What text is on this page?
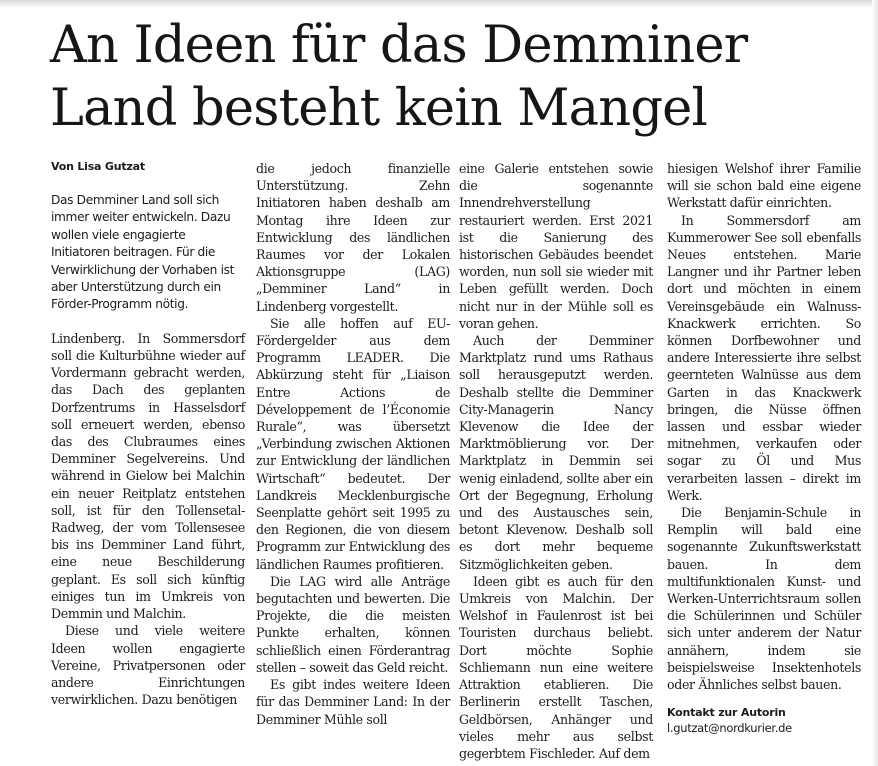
An Ideen für das Demminer
Land besteht kein Mangel

Von Lisa Gutzat

Das Demminer Land soll sich immer weiter entwickeln. Dazu wollen viele engagierte Initiatoren beitragen. Für die Verwirklichung der Vorhaben ist aber Unterstützung durch ein Förder-Programm nötig.

Lindenberg. In Sommersdorf soll die Kulturbühne wieder auf Vordermann gebracht werden, das Dach des geplanten Dorfzentrums in Hasselsdorf soll erneuert werden, ebenso das des Clubraumes eines Demminer Segelvereins. Und während in Gielow bei Malchin ein neuer Reitplatz entstehen soll, ist für den Tollensetal-Radweg, der vom Tollensesee bis ins Demminer Land führt, eine neue Beschilderung geplant. Es soll sich künftig einiges tun im Umkreis von Demmin und Malchin.

Diese und viele weitere Ideen wollen engagierte Vereine, Privatpersonen oder andere Einrichtungen verwirklichen. Dazu benötigen

die jedoch finanzielle Unterstützung. Zehn Initiatoren haben deshalb am Montag ihre Ideen zur Entwicklung des ländlichen Raumes vor der Lokalen Aktionsgruppe (LAG) „Demminer Land“ in Lindenberg vorgestellt.

Sie alle hoffen auf EU-Fördergelder aus dem Programm LEADER. Die Abkürzung steht für „Liaison Entre Actions de Développement de l’Économie Rurale“, was übersetzt „Verbindung zwischen Aktionen zur Entwicklung der ländlichen Wirtschaft“ bedeutet. Der Landkreis Mecklenburgische Seenplatte gehört seit 1995 zu den Regionen, die von diesem Programm zur Entwicklung des ländlichen Raumes profitieren.

Die LAG wird alle Anträge begutachten und bewerten. Die Projekte, die die meisten Punkte erhalten, können schließlich einen Förderantrag stellen – soweit das Geld reicht.

Es gibt indes weitere Ideen für das Demminer Land: In der Demminer Mühle soll

eine Galerie entstehen sowie die sogenannte Innendrehverstellung restauriert werden. Erst 2021 ist die Sanierung des historischen Gebäudes beendet worden, nun soll sie wieder mit Leben gefüllt werden. Doch nicht nur in der Mühle soll es voran gehen.

Auch der Demminer Marktplatz rund ums Rathaus soll herausgeputzt werden. Deshalb stellte die Demminer City-Managerin Nancy Klevenow die Idee der Marktmöblierung vor. Der Marktplatz in Demmin sei wenig einladend, sollte aber ein Ort der Begegnung, Erholung und des Austausches sein, betont Klevenow. Deshalb soll es dort mehr bequeme Sitzmöglichkeiten geben.

Ideen gibt es auch für den Umkreis von Malchin. Der Welshof in Faulenrost ist bei Touristen durchaus beliebt. Dort möchte Sophie Schliemann nun eine weitere Attraktion etablieren. Die Berlinerin erstellt Taschen, Geldbörsen, Anhänger und vieles mehr aus selbst gegerbtem Fischleder. Auf dem

hiesigen Welshof ihrer Familie will sie schon bald eine eigene Werkstatt dafür einrichten.

In Sommersdorf am Kummerower See soll ebenfalls Neues entstehen. Marie Langner und ihr Partner leben dort und möchten in einem Vereinsgebäude ein Walnuss-Knackwerk errichten. So können Dorfbewohner und andere Interessierte ihre selbst geernteten Walnüsse aus dem Garten in das Knackwerk bringen, die Nüsse öffnen lassen und essbar wieder mitnehmen, verkaufen oder sogar zu Öl und Mus verarbeiten lassen – direkt im Werk.

Die Benjamin-Schule in Remplin will bald eine sogenannte Zukunftswerkstatt bauen. In dem multifunktionalen Kunst- und Werken-Unterrichtsraum sollen die Schülerinnen und Schüler sich unter anderem der Natur annähern, indem sie beispielsweise Insektenhotels oder Ähnliches selbst bauen.

Kontakt zur Autorin

l.gutzat@nordkurier.de
